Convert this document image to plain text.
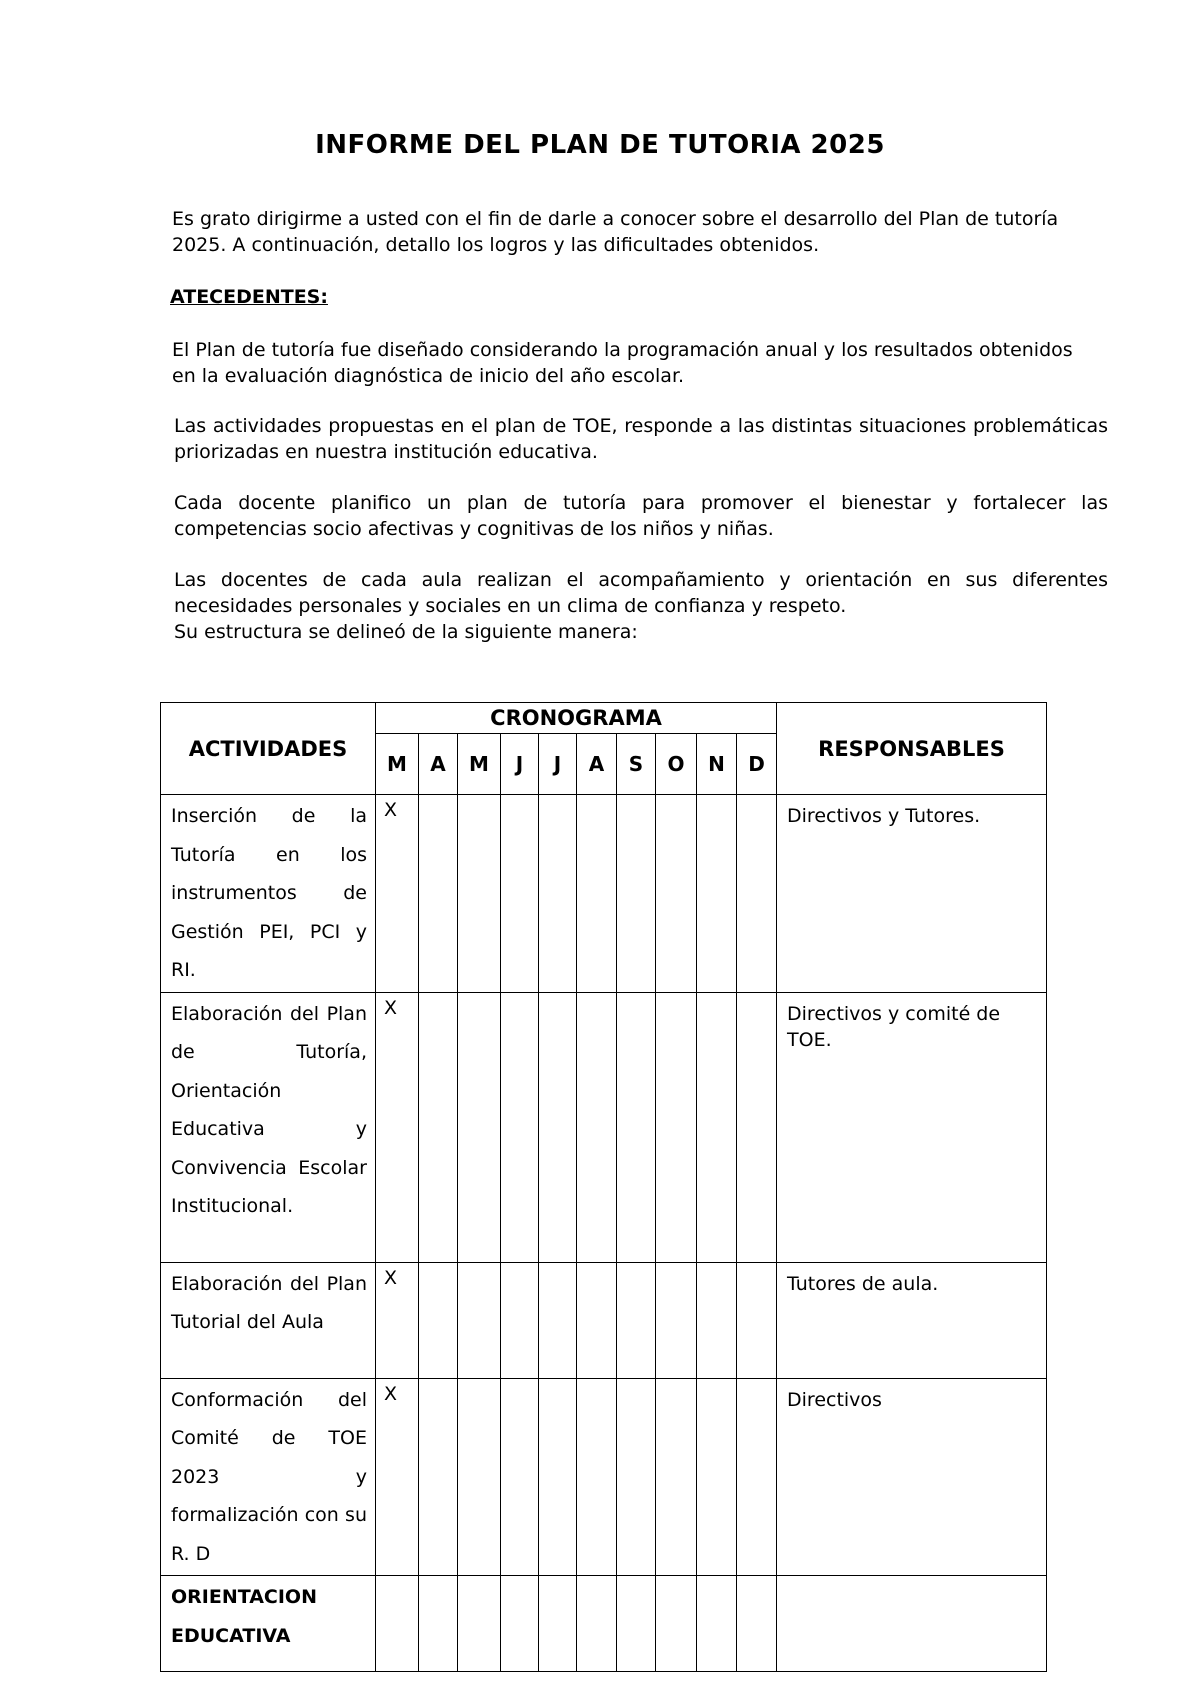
INFORME DEL PLAN DE TUTORIA 2025

Es grato dirigirme a usted con el fin de darle a conocer sobre el desarrollo del Plan de tutoría 2025. A continuación, detallo los logros y las dificultades obtenidos.

ATECEDENTES:

El Plan de tutoría fue diseñado considerando la programación anual y los resultados obtenidos en la evaluación diagnóstica de inicio del año escolar.

Las actividades propuestas en el plan de TOE, responde a las distintas situaciones problemáticas priorizadas en nuestra institución educativa.

Cada docente planifico un plan de tutoría para promover el bienestar y fortalecer las competencias socio afectivas y cognitivas de los niños y niñas.

Las docentes de cada aula realizan el acompañamiento y orientación en sus diferentes necesidades personales y sociales en un clima de confianza y respeto.
Su estructura se delineó de la siguiente manera:
ACTIVIDADES	CRONOGRAMA										RESPONSABLES
	M	A	M	J	J	A	S	O	N	D	
Inserción de la Tutoría en los instrumentos de Gestión PEI, PCI y RI.	X										Directivos y Tutores.
Elaboración del Plan de Tutoría, Orientación Educativa y Convivencia Escolar Institucional.	X										Directivos y comité de TOE.
Elaboración del Plan Tutorial del Aula	X										Tutores de aula.
Conformación del Comité de TOE 2023 y formalización con su R. D	X										Directivos
ORIENTACION EDUCATIVA											
